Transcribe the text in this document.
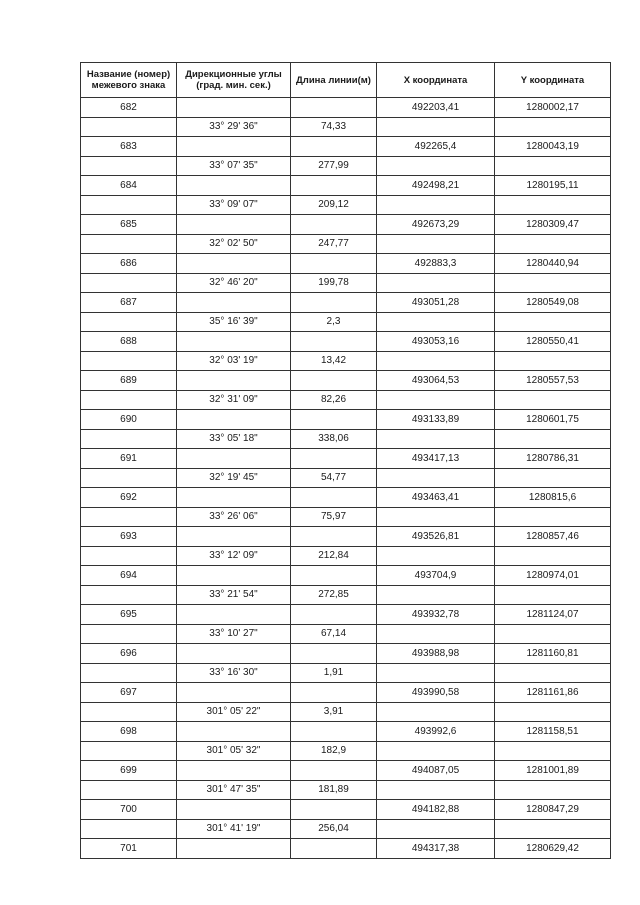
Название (номер) межевого знака	Дирекционные углы (град. мин. сек.)	Длина линии(м)	X координата	Y координата
682			492203,41	1280002,17
	33° 29' 36"	74,33		
683			492265,4	1280043,19
	33° 07' 35"	277,99		
684			492498,21	1280195,11
	33° 09' 07"	209,12		
685			492673,29	1280309,47
	32° 02' 50"	247,77		
686			492883,3	1280440,94
	32° 46' 20"	199,78		
687			493051,28	1280549,08
	35° 16' 39"	2,3		
688			493053,16	1280550,41
	32° 03' 19"	13,42		
689			493064,53	1280557,53
	32° 31' 09"	82,26		
690			493133,89	1280601,75
	33° 05' 18"	338,06		
691			493417,13	1280786,31
	32° 19' 45"	54,77		
692			493463,41	1280815,6
	33° 26' 06"	75,97		
693			493526,81	1280857,46
	33° 12' 09"	212,84		
694			493704,9	1280974,01
	33° 21' 54"	272,85		
695			493932,78	1281124,07
	33° 10' 27"	67,14		
696			493988,98	1281160,81
	33° 16' 30"	1,91		
697			493990,58	1281161,86
	301° 05' 22"	3,91		
698			493992,6	1281158,51
	301° 05' 32"	182,9		
699			494087,05	1281001,89
	301° 47' 35"	181,89		
700			494182,88	1280847,29
	301° 41' 19"	256,04		
701			494317,38	1280629,42
